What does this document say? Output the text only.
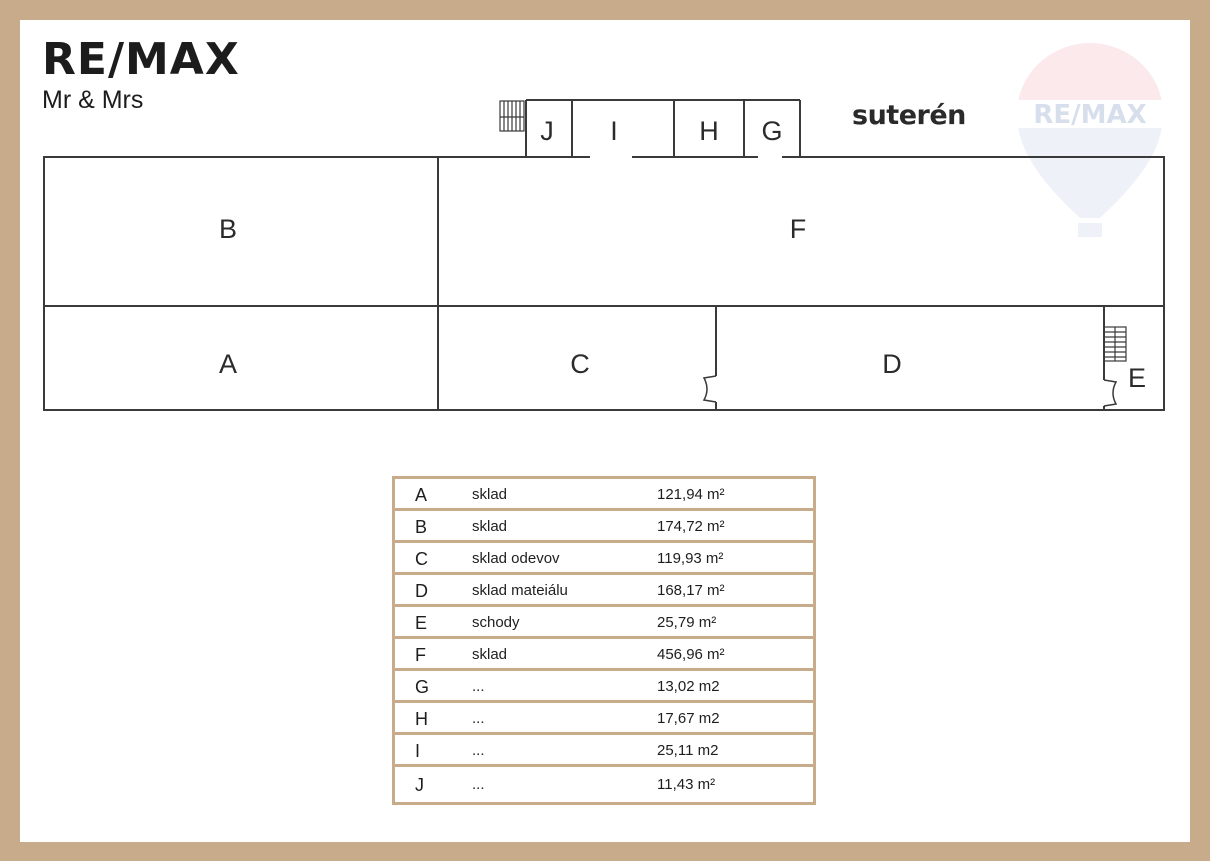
RE/MAX
Mr & Mrs	RE/MAX
suterén
B	F
A	C	D	E
J I	H G
A	sklad	121,94 m²
B	sklad	174,72 m²
C	sklad odevov	119,93 m²
D	sklad mateiálu	168,17 m²
E	schody	25,79 m²
F	sklad	456,96 m²
G	...	13,02 m2
H	...	17,67 m2
I	...	25,11 m2
J	...	11,43 m²
